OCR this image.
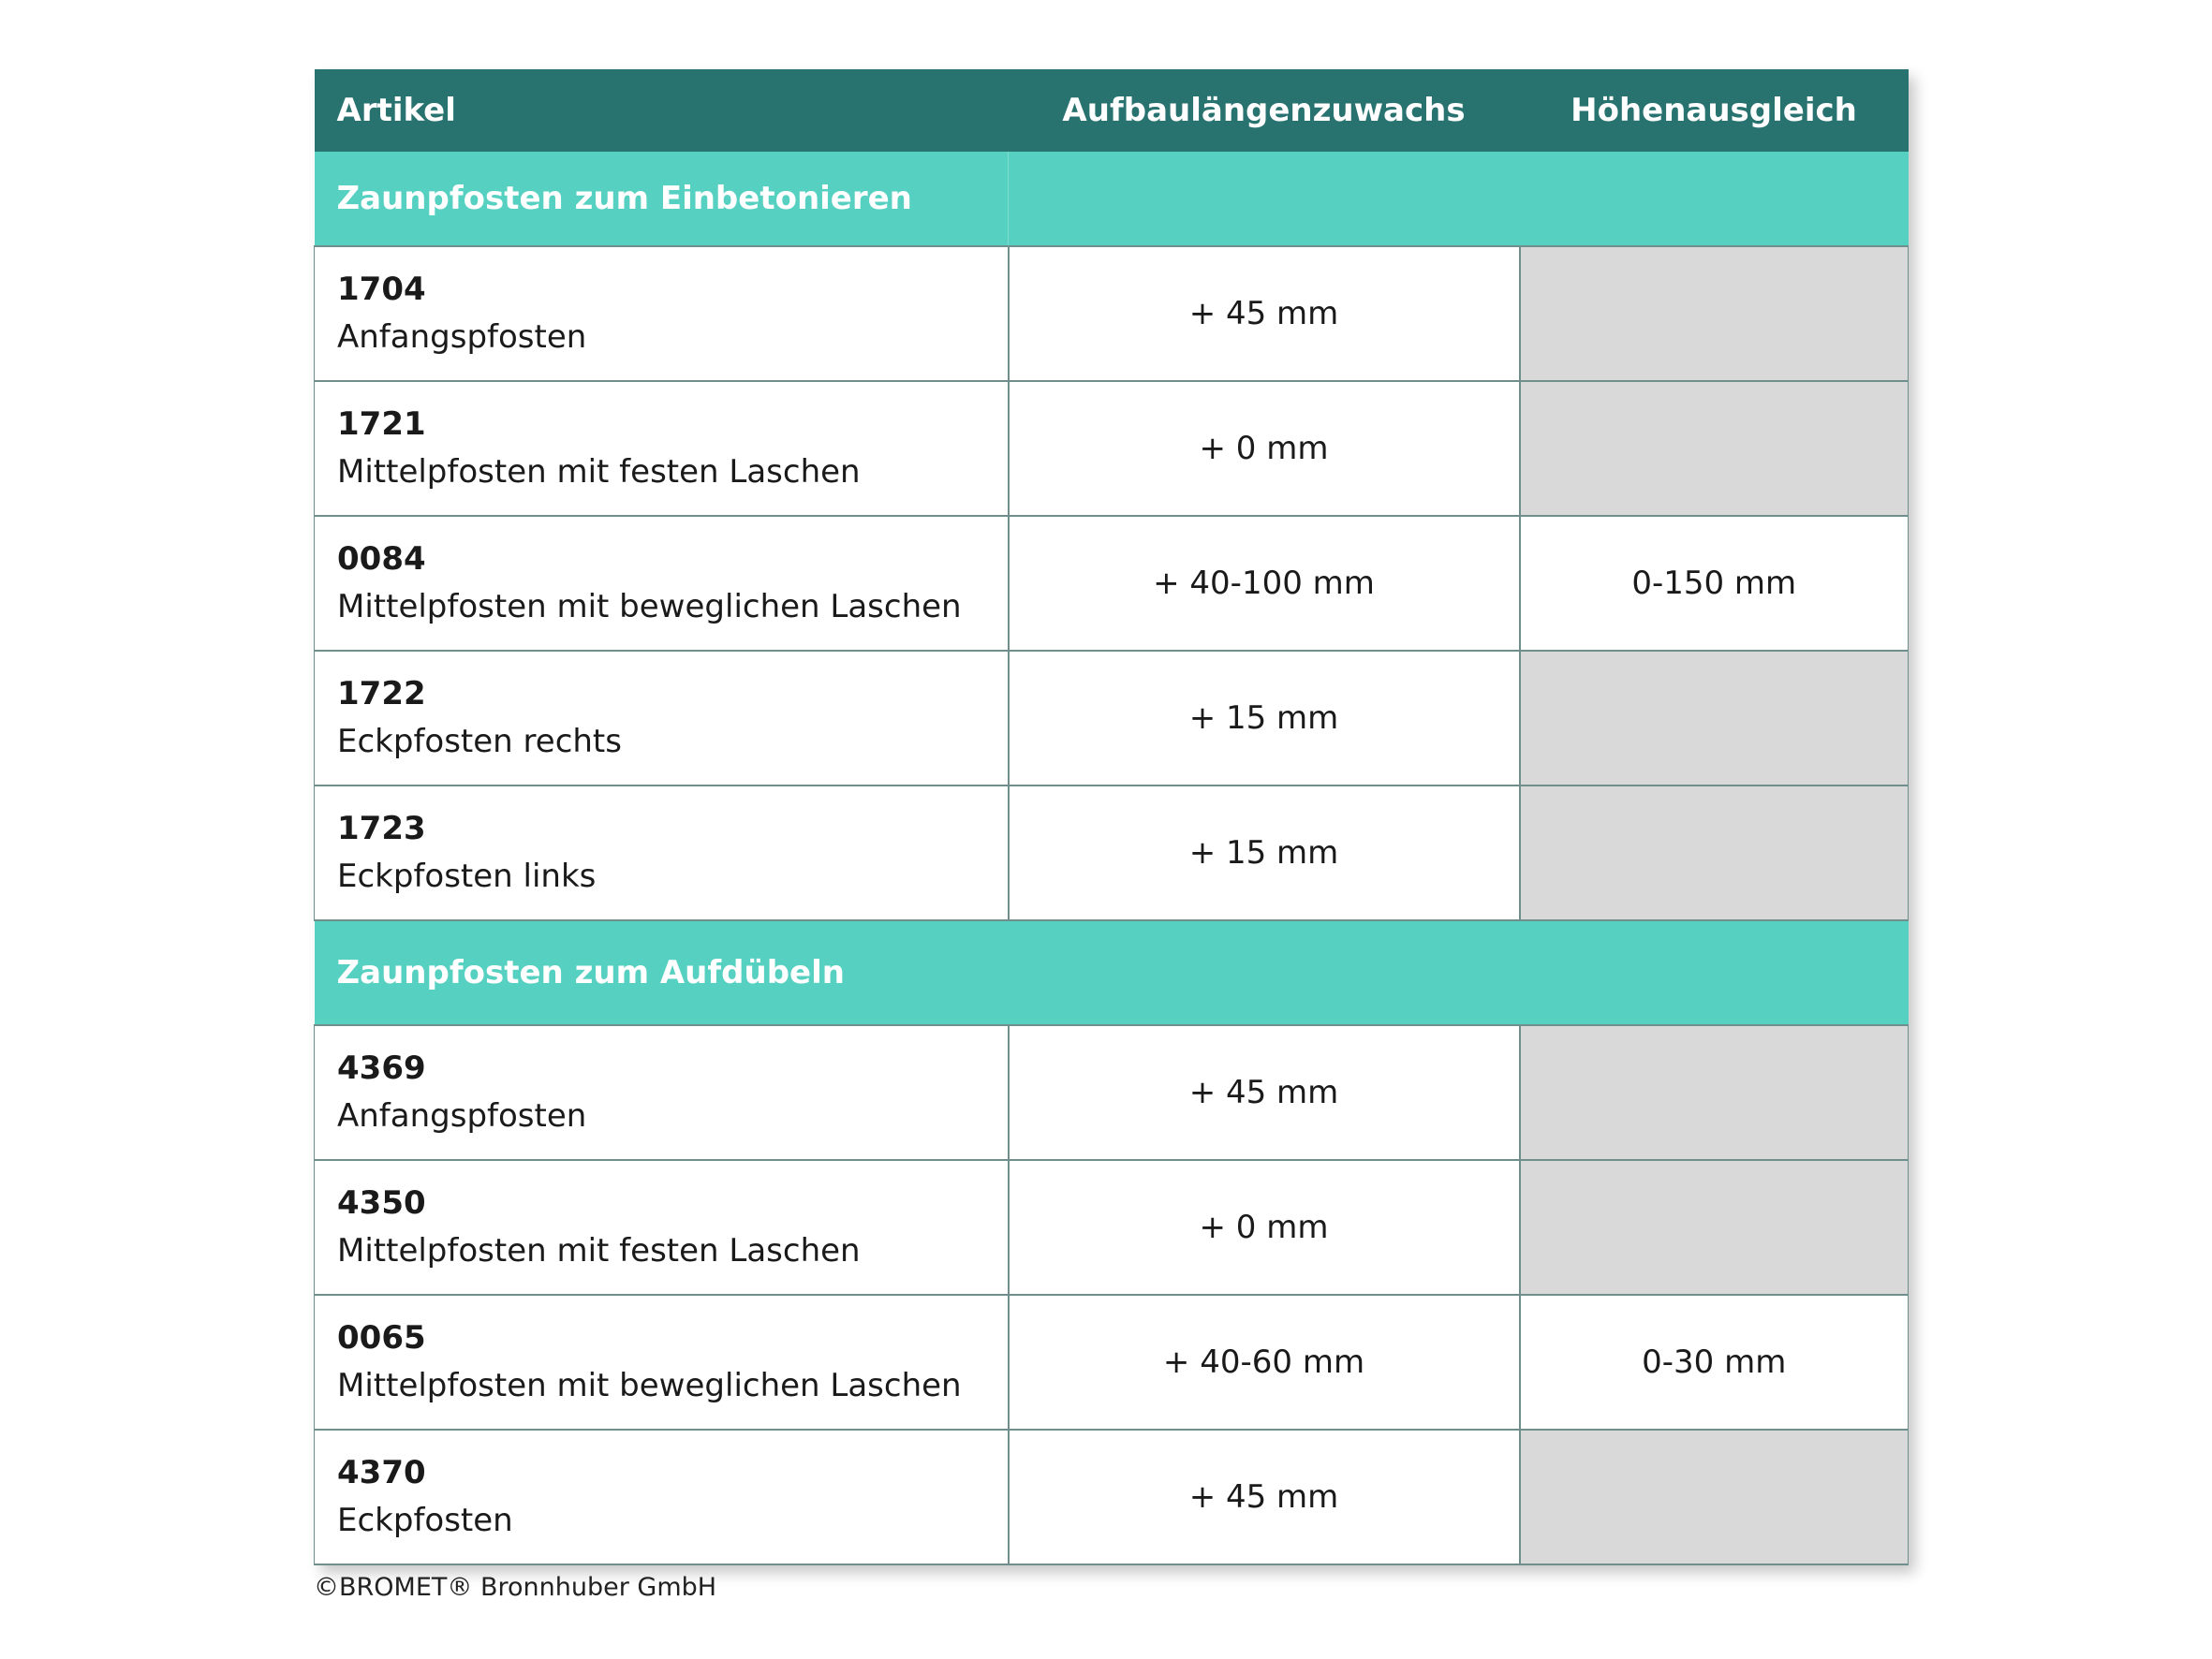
Artikel	Aufbaulängenzuwachs	Höhenausgleich
Zaunpfosten zum Einbetonieren		

1704
Anfangspfosten	+ 45 mm	

1721
Mittelpfosten mit festen Laschen	+ 0 mm	

0084
Mittelpfosten mit beweglichen Laschen	+ 40-100 mm	0-150 mm

1722
Eckpfosten rechts	+ 15 mm	

1723
Eckpfosten links	+ 15 mm	
Zaunpfosten zum Aufdübeln		

4369
Anfangspfosten	+ 45 mm	

4350
Mittelpfosten mit festen Laschen	+ 0 mm	

0065
Mittelpfosten mit beweglichen Laschen	+ 40-60 mm	0-30 mm

4370
Eckpfosten	+ 45 mm	
©BROMET® Bronnhuber GmbH
